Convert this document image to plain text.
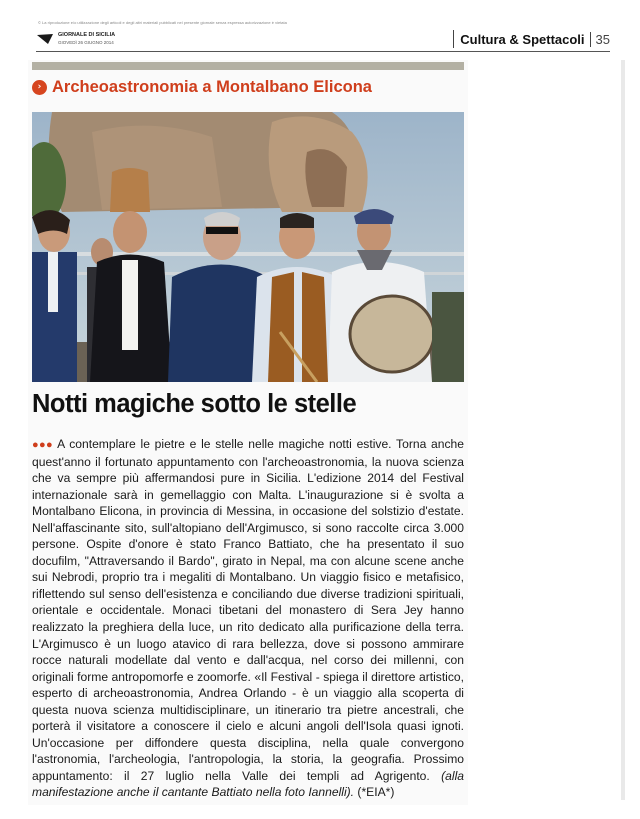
© La riproduzione e/o utilizzazione degli articoli e degli altri materiali pubblicati nel presente giornale senza espressa autorizzazione è vietata
GIORNALE DI SICILIA
GIOVEDÌ 26 GIUGNO 2014	Cultura & Spettacoli 35
› Archeoastronomia a Montalbano Elicona
Notti magiche sotto le stelle

●●● A contemplare le pietre e le stelle nelle magiche notti estive. Torna anche quest'anno il fortunato appuntamento con l'archeoastronomia, la nuova scienza che va sempre più affermandosi pure in Sicilia. L'edizione 2014 del Festival internazionale sarà in gemellaggio con Malta. L'inaugurazione si è svolta a Montalbano Elicona, in provincia di Messina, in occasione del solstizio d'estate. Nell'affascinante sito, sull'altopiano dell'Argimusco, si sono raccolte circa 3.000 persone. Ospite d'onore è stato Franco Battiato, che ha presentato il suo docufilm, "Attraversando il Bardo", girato in Nepal, ma con alcune scene anche sui Nebrodi, proprio tra i megaliti di Montalbano. Un viaggio fisico e metafisico, riflettendo sul senso dell'esistenza e conciliando due diverse tradizioni spirituali, orientale e occidentale. Monaci tibetani del monastero di Sera Jey hanno realizzato la preghiera della luce, un rito dedicato alla purificazione della terra. L'Argimusco è un luogo atavico di rara bellezza, dove si possono ammirare rocce naturali modellate dal vento e dall'acqua, nel corso dei millenni, con originali forme antropomorfe e zoomorfe. «Il Festival - spiega il direttore artistico, esperto di archeoastronomia, Andrea Orlando - è un viaggio alla scoperta di questa nuova scienza multidisciplinare, un itinerario tra pietre ancestrali, che porterà il visitatore a conoscere il cielo e alcuni angoli dell'Isola quasi ignoti. Un'occasione per diffondere questa disciplina, nella quale convergono l'astronomia, l'archeologia, l'antropologia, la storia, la geografia. Prossimo appuntamento: il 27 luglio nella Valle dei templi ad Agrigento. (alla manifestazione anche il cantante Battiato nella foto Iannelli). (*EIA*)
